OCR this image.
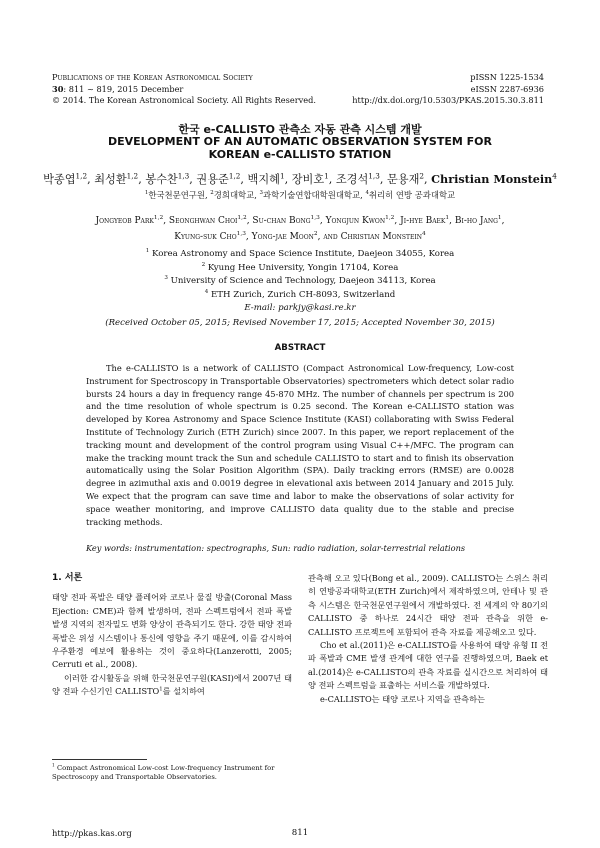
Publications of the Korean Astronomical Society
30: 811 ~ 819, 2015 December
© 2014. The Korean Astronomical Society. All Rights Reserved.
pISSN 1225-1534
eISSN 2287-6936
http://dx.doi.org/10.5303/PKAS.2015.30.3.811
한국 e-CALLISTO 관측소 자동 관측 시스템 개발
DEVELOPMENT OF AN AUTOMATIC OBSERVATION SYSTEM FOR
KOREAN e-CALLISTO STATION
박종엽$^{1,2}$, 최성환$^{1,2}$, 봉수찬$^{1,3}$, 권용준$^{1,2}$, 백지혜$^1$, 장비호$^1$, 조경석$^{1,3}$, 문용재$^2$, Christian Monstein$^4$
$^1$한국천문연구원, $^2$경희대학교, $^3$과학기술연합대학원대학교, $^4$취리히 연방 공과대학교
Jongyeob Park$^{1,2}$, Seonghwan Choi$^{1,2}$, Su-chan Bong$^{1,3}$, Yongjun Kwon$^{1,2}$, Ji-hye Baek$^1$, Bi-ho Jang$^1$,
Kyung-suk Cho$^{1,3}$, Yong-jae Moon$^2$, and Christian Monstein$^4$
$^1$ Korea Astronomy and Space Science Institute, Daejeon 34055, Korea
$^2$ Kyung Hee University, Yongin 17104, Korea
$^3$ University of Science and Technology, Daejeon 34113, Korea
$^4$ ETH Zurich, Zurich CH-8093, Switzerland
E-mail: parkjy@kasi.re.kr
(Received October 05, 2015; Revised November 17, 2015; Accepted November 30, 2015)
ABSTRACT
The e-CALLISTO is a network of CALLISTO (Compact Astronomical Low-frequency, Low-cost Instrument for Spectroscopy in Transportable Observatories) spectrometers which detect solar radio bursts 24 hours a day in frequency range 45-870 MHz. The number of channels per spectrum is 200 and the time resolution of whole spectrum is 0.25 second. The Korean e-CALLISTO station was developed by Korea Astronomy and Space Science Institute (KASI) collaborating with Swiss Federal Institute of Technology Zurich (ETH Zurich) since 2007. In this paper, we report replacement of the tracking mount and development of the control program using Visual C++/MFC. The program can make the tracking mount track the Sun and schedule CALLISTO to start and to finish its observation automatically using the Solar Position Algorithm (SPA). Daily tracking errors (RMSE) are 0.0028 degree in azimuthal axis and 0.0019 degree in elevational axis between 2014 January and 2015 July. We expect that the program can save time and labor to make the observations of solar activity for space weather monitoring, and improve CALLISTO data quality due to the stable and precise tracking methods.
Key words: instrumentation: spectrographs, Sun: radio radiation, solar-terrestrial relations
1. 서론

태양 전파 폭발은 태양 플레어와 코로나 물질 방출(Coronal Mass Ejection: CME)과 함께 발생하며, 전파 스펙트럼에서 전파 폭발 발생 지역의 전자밀도 변화 양상이 관측되기도 한다. 강한 태양 전파 폭발은 위성 시스템이나 통신에 영향을 주기 때문에, 이를 감시하여 우주환경 예보에 활용하는 것이 중요하다(Lanzerotti, 2005; Cerruti et al., 2008).

이러한 감시활동을 위해 한국천문연구원(KASI)에서 2007년 태양 전파 수신기인 CALLISTO$^1$를 설치하여

관측해 오고 있다(Bong et al., 2009). CALLISTO는 스위스 취리히 연방공과대학교(ETH Zurich)에서 제작하였으며, 안테나 및 관측 시스템은 한국천문연구원에서 개발하였다. 전 세계의 약 80기의 CALLISTO 중 하나로 24시간 태양 전파 관측을 위한 e-CALLISTO 프로젝트에 포함되어 관측 자료를 제공해오고 있다.

Cho et al.(2011)은 e-CALLISTO를 사용하여 태양 유형 II 전파 폭발과 CME 발생 관계에 대한 연구를 진행하였으며, Baek et al.(2014)은 e-CALLISTO의 관측 자료를 실시간으로 처리하여 태양 전파 스펙트럼을 표출하는 서비스를 개발하였다.

e-CALLISTO는 태양 코로나 지역을 관측하는

$^1$ Compact Astronomical Low-cost Low-frequency Instrument for Spectroscopy and Transportable Observatories.
http://pkas.kas.org	811
